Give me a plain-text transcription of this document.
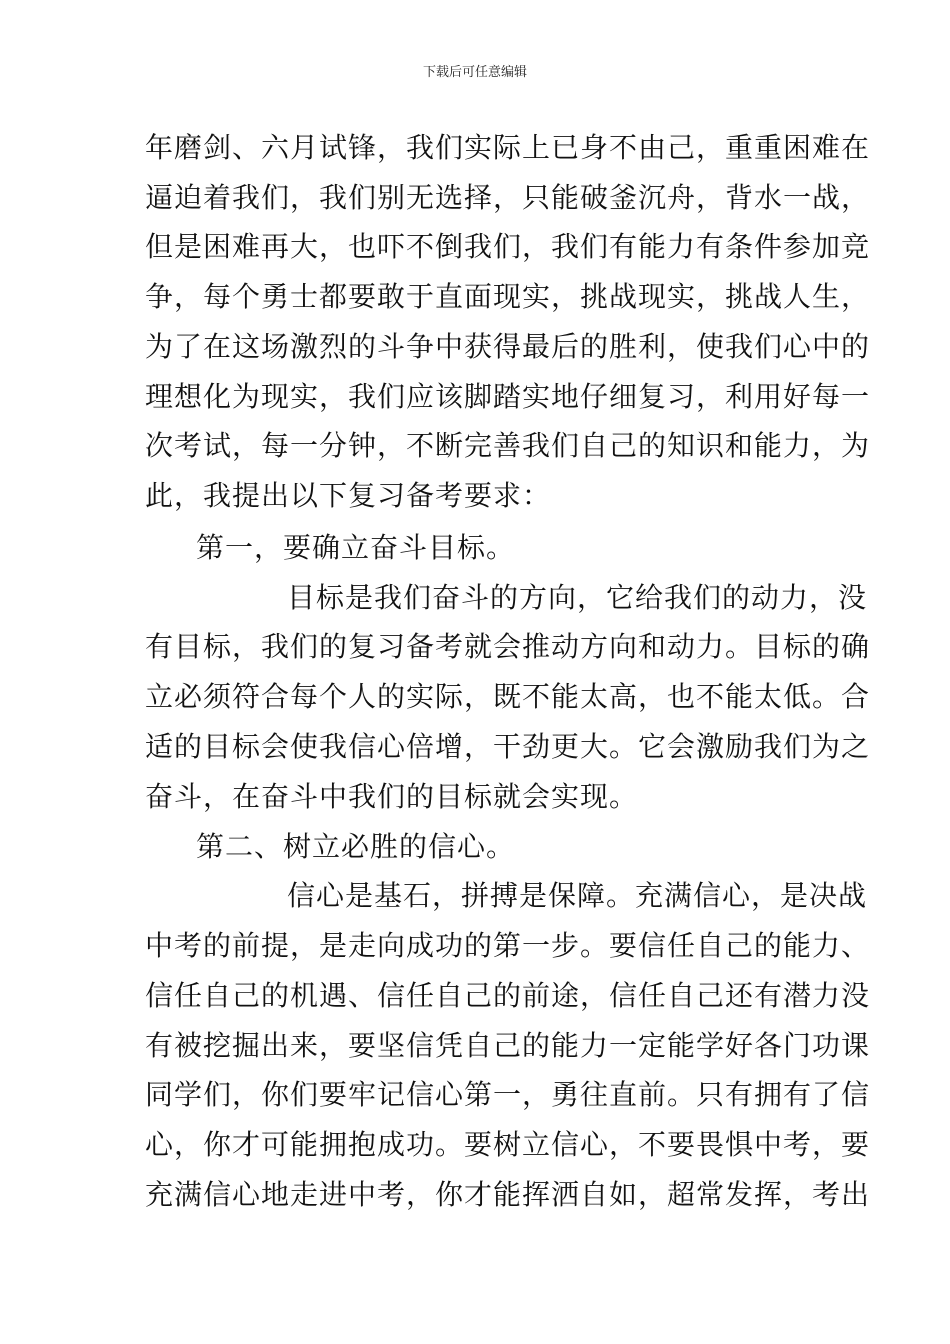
下载后可任意编辑
年磨剑、六月试锋，我们实际上已身不由己，重重困难在
逼迫着我们，我们别无选择，只能破釜沉舟，背水一战，
但是困难再大，也吓不倒我们，我们有能力有条件参加竞
争，每个勇士都要敢于直面现实，挑战现实，挑战人生，
为了在这场激烈的斗争中获得最后的胜利，使我们心中的
理想化为现实，我们应该脚踏实地仔细复习，利用好每一
次考试，每一分钟，不断完善我们自己的知识和能力，为
此，我提出以下复习备考要求：
第一，要确立奋斗目标。
目标是我们奋斗的方向，它给我们的动力，没
有目标，我们的复习备考就会推动方向和动力。目标的确
立必须符合每个人的实际，既不能太高，也不能太低。合
适的目标会使我信心倍增，干劲更大。它会激励我们为之
奋斗，在奋斗中我们的目标就会实现。
第二、树立必胜的信心。
信心是基石，拼搏是保障。充满信心，是决战
中考的前提，是走向成功的第一步。要信任自己的能力、
信任自己的机遇、信任自己的前途，信任自己还有潜力没
有被挖掘出来，要坚信凭自己的能力一定能学好各门功课
同学们，你们要牢记信心第一，勇往直前。只有拥有了信
心，你才可能拥抱成功。要树立信心，不要畏惧中考，要
充满信心地走进中考，你才能挥洒自如，超常发挥，考出
